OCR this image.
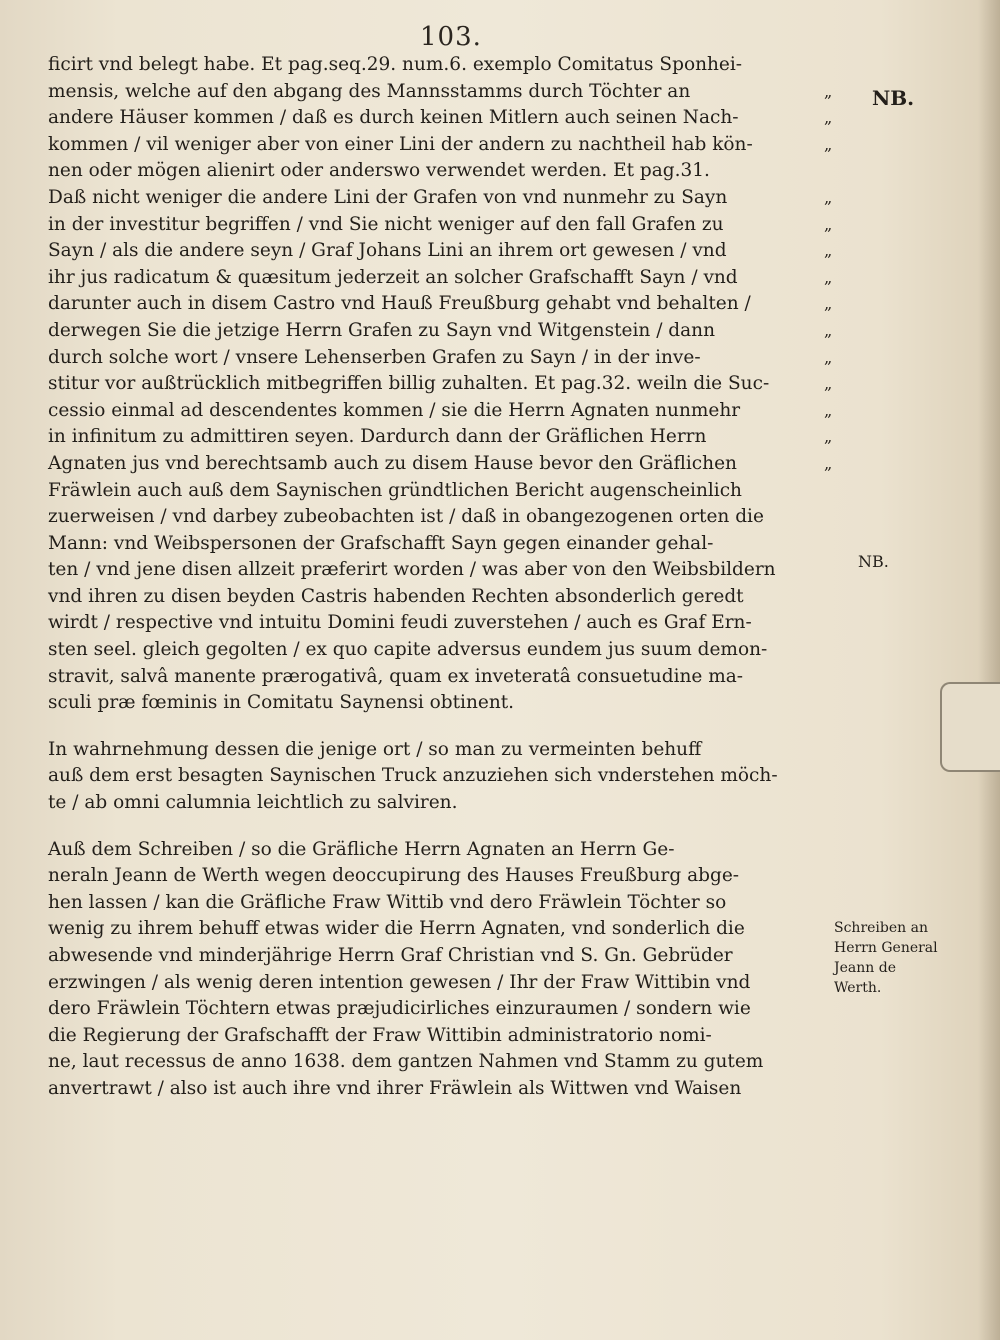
103.
ficirt vnd belegt habe. Et pag.seq.29. num.6. exemplo Comitatus Sponhei-
mensis, welche auf den abgang des Mannsstamms durch Töchter an
andere Häuser kommen / daß es durch keinen Mitlern auch seinen Nach-
kommen / vil weniger aber von einer Lini der andern zu nachtheil hab kön-
nen oder mögen alienirt oder anderswo verwendet werden. Et pag.31.
Daß nicht weniger die andere Lini der Grafen von vnd nunmehr zu Sayn
in der investitur begriffen / vnd Sie nicht weniger auf den fall Grafen zu
Sayn / als die andere seyn / Graf Johans Lini an ihrem ort gewesen / vnd
ihr jus radicatum & quæsitum jederzeit an solcher Grafschafft Sayn / vnd
darunter auch in disem Castro vnd Hauß Freußburg gehabt vnd behalten /
derwegen Sie die jetzige Herrn Grafen zu Sayn vnd Witgenstein / dann
durch solche wort / vnsere Lehenserben Grafen zu Sayn / in der inve-
stitur vor außtrücklich mitbegriffen billig zuhalten. Et pag.32. weiln die Suc-
cessio einmal ad descendentes kommen / sie die Herrn Agnaten nunmehr
in infinitum zu admittiren seyen. Dardurch dann der Gräflichen Herrn
Agnaten jus vnd berechtsamb auch zu disem Hause bevor den Gräflichen
Fräwlein auch auß dem Saynischen gründtlichen Bericht augenscheinlich
zuerweisen / vnd darbey zubeobachten ist / daß in obangezogenen orten die
Mann: vnd Weibspersonen der Grafschafft Sayn gegen einander gehal-
ten / vnd jene disen allzeit præferirt worden / was aber von den Weibsbildern
vnd ihren zu disen beyden Castris habenden Rechten absonderlich geredt
wirdt / respective vnd intuitu Domini feudi zuverstehen / auch es Graf Ern-
sten seel. gleich gegolten / ex quo capite adversus eundem jus suum demon-
stravit, salvâ manente prærogativâ, quam ex inveteratâ consuetudine ma-
sculi præ fœminis in Comitatu Saynensi obtinent.
In wahrnehmung dessen die jenige ort / so man zu vermeinten behuff
auß dem erst besagten Saynischen Truck anzuziehen sich vnderstehen möch-
te / ab omni calumnia leichtlich zu salviren.
Auß dem Schreiben / so die Gräfliche Herrn Agnaten an Herrn Ge-
neraln Jeann de Werth wegen deoccupirung des Hauses Freußburg abge-
hen lassen / kan die Gräfliche Fraw Wittib vnd dero Fräwlein Töchter so
wenig zu ihrem behuff etwas wider die Herrn Agnaten, vnd sonderlich die
abwesende vnd minderjährige Herrn Graf Christian vnd S. Gn. Gebrüder
erzwingen / als wenig deren intention gewesen / Ihr der Fraw Wittibin vnd
dero Fräwlein Töchtern etwas præjudicirliches einzuraumen / sondern wie
die Regierung der Grafschafft der Fraw Wittibin administratorio nomi-
ne, laut recessus de anno 1638. dem gantzen Nahmen vnd Stamm zu gutem
anvertrawt / also ist auch ihre vnd ihrer Fräwlein als Wittwen vnd Waisen
„
„
„
„
„
„
„
„
„
„
„
„
„
„
NB.
NB.
Schreiben an
Herrn General
Jeann de
Werth.
